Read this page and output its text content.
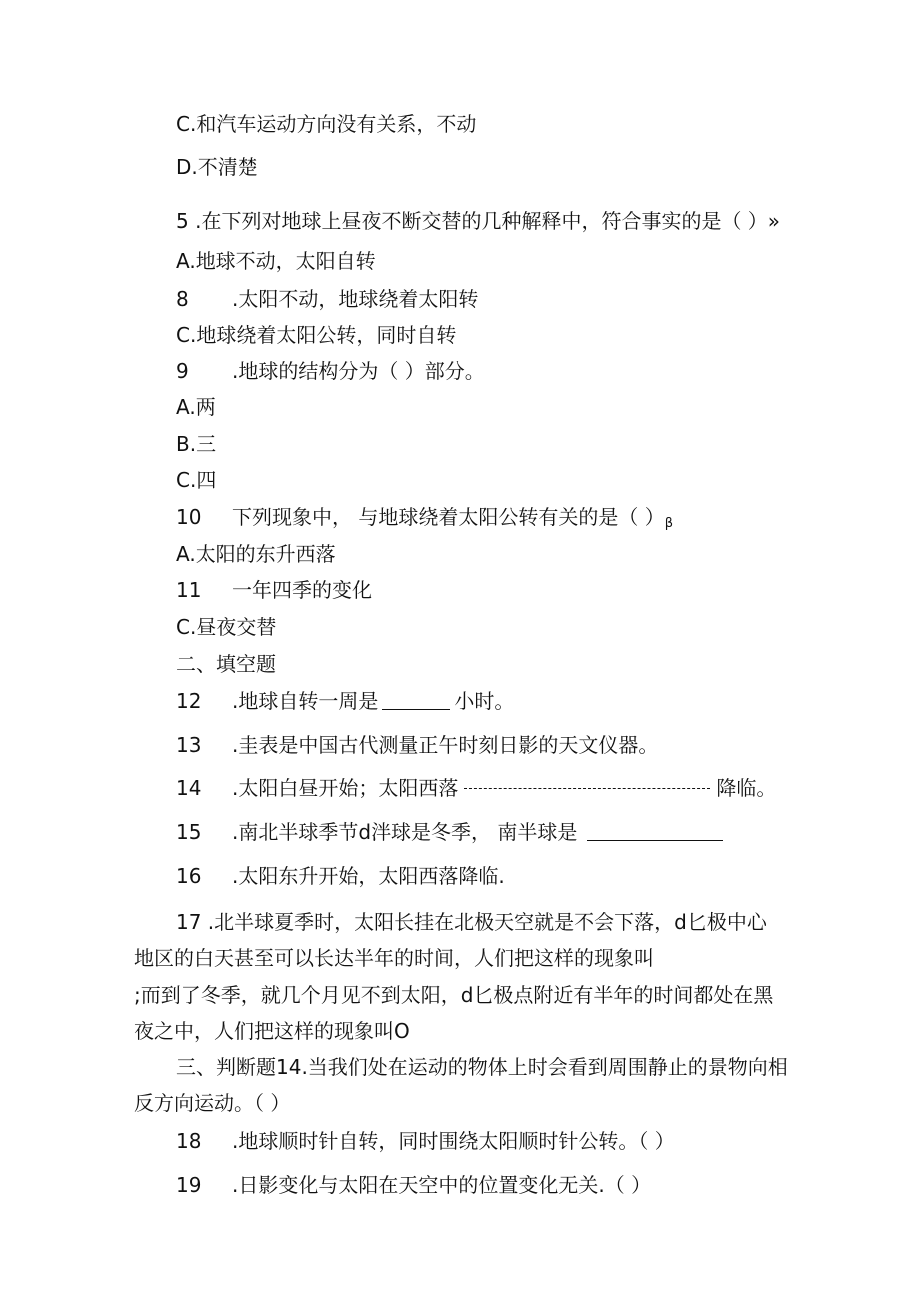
C.和汽车运动方向没有关系，不动
D.不清楚
5 .在下列对地球上昼夜不断交替的几种解释中，符合事实的是（ ）»
A.地球不动，太阳自转
8 .太阳不动，地球绕着太阳转
C.地球绕着太阳公转，同时自转
9 .地球的结构分为（ ）部分。
A.两
B.三
C.四
10 下列现象中， 与地球绕着太阳公转有关的是（ ）β
A.太阳的东升西落
11 一年四季的变化
C.昼夜交替
二、填空题
12 .地球自转一周是	小时。
13 .圭表是中国古代测量正午时刻日影的天文仪器。
14 .太阳白昼开始；太阳西落	降临。
15 .南北半球季节d泮球是冬季， 南半球是
16 .太阳东升开始，太阳西落降临.
17 .北半球夏季时，太阳长挂在北极天空就是不会下落，d匕极中心
地区的白天甚至可以长达半年的时间，人们把这样的现象叫
;而到了冬季，就几个月见不到太阳，d匕极点附近有半年的时间都处在黑
夜之中，人们把这样的现象叫O
三、判断题14.当我们处在运动的物体上时会看到周围静止的景物向相
反方向运动。（ ）
18 .地球顺时针自转，同时围绕太阳顺时针公转。（ ）
19 .日影变化与太阳在天空中的位置变化无关.（ ）
